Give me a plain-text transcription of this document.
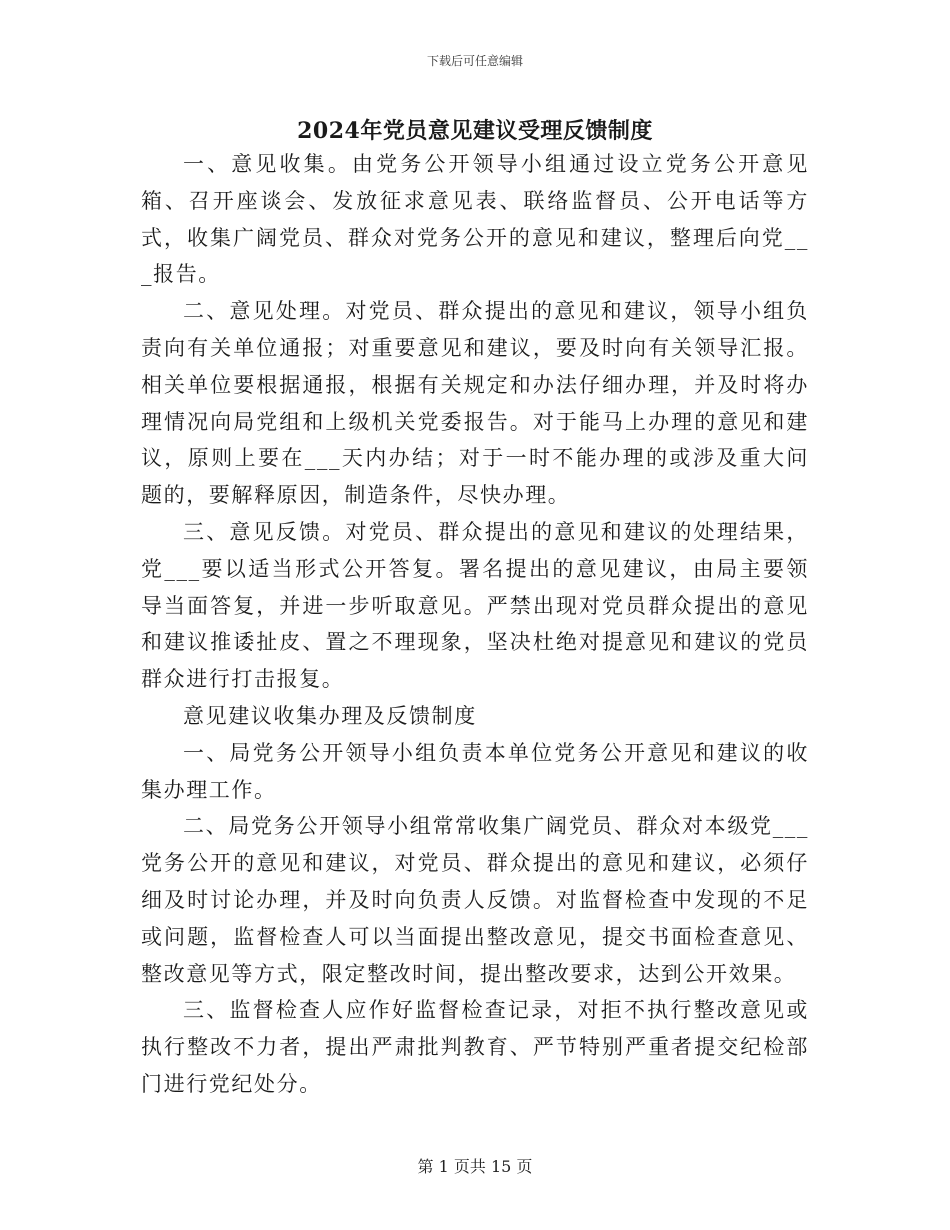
下载后可任意编辑
2024年党员意见建议受理反馈制度

一、意见收集。由党务公开领导小组通过设立党务公开意见箱、召开座谈会、发放征求意见表、联络监督员、公开电话等方式，收集广阔党员、群众对党务公开的意见和建议，整理后向党___报告。

二、意见处理。对党员、群众提出的意见和建议，领导小组负责向有关单位通报；对重要意见和建议，要及时向有关领导汇报。相关单位要根据通报，根据有关规定和办法仔细办理，并及时将办理情况向局党组和上级机关党委报告。对于能马上办理的意见和建议，原则上要在___天内办结；对于一时不能办理的或涉及重大问题的，要解释原因，制造条件，尽快办理。

三、意见反馈。对党员、群众提出的意见和建议的处理结果，党___要以适当形式公开答复。署名提出的意见建议，由局主要领导当面答复，并进一步听取意见。严禁出现对党员群众提出的意见和建议推诿扯皮、置之不理现象，坚决杜绝对提意见和建议的党员群众进行打击报复。

意见建议收集办理及反馈制度

一、局党务公开领导小组负责本单位党务公开意见和建议的收集办理工作。

二、局党务公开领导小组常常收集广阔党员、群众对本级党___党务公开的意见和建议，对党员、群众提出的意见和建议，必须仔细及时讨论办理，并及时向负责人反馈。对监督检查中发现的不足或问题，监督检查人可以当面提出整改意见，提交书面检查意见、整改意见等方式，限定整改时间，提出整改要求，达到公开效果。

三、监督检查人应作好监督检查记录，对拒不执行整改意见或执行整改不力者，提出严肃批判教育、严节特别严重者提交纪检部门进行党纪处分。

第 1 页共 15 页
